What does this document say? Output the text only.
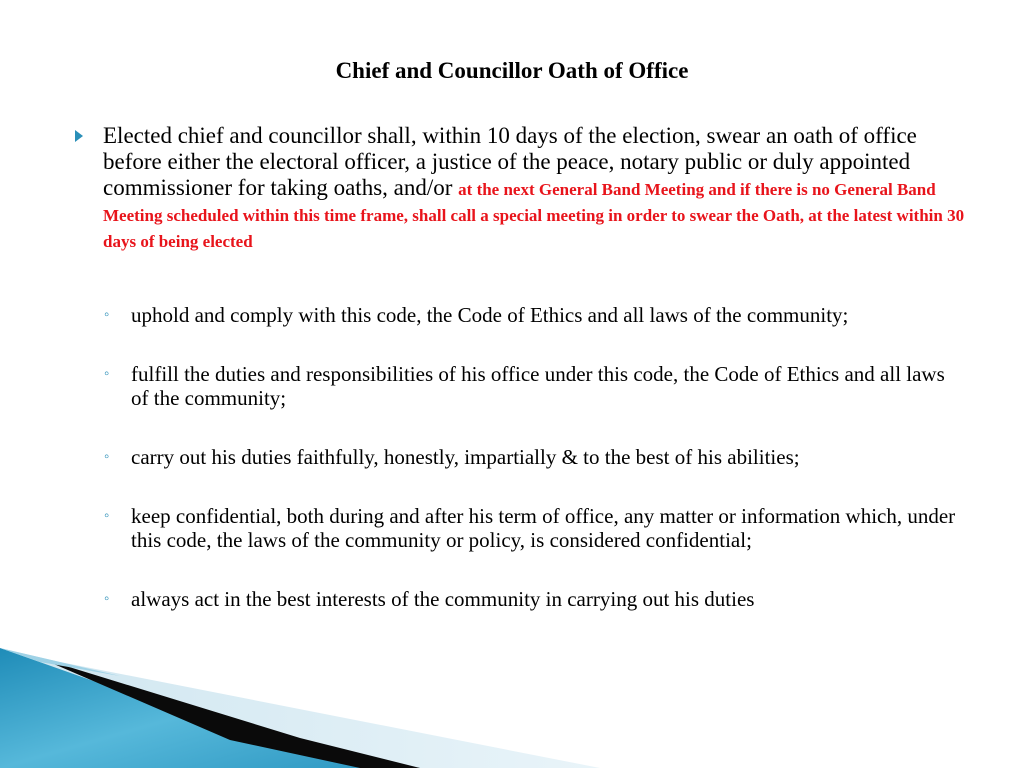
Chief and Councillor Oath of Office
Elected chief and councillor shall, within 10 days of the election, swear an oath of office before either the electoral officer, a justice of the peace, notary public or duly appointed commissioner for taking oaths, and/or at the next General Band Meeting and if there is no General Band Meeting scheduled within this time frame, shall call a special meeting in order to swear the Oath, at the latest within 30 days of being elected
◦ uphold and comply with this code, the Code of Ethics and all laws of the community;
◦ fulfill the duties and responsibilities of his office under this code, the Code of Ethics and all laws of the community;
◦ carry out his duties faithfully, honestly, impartially & to the best of his abilities;
◦ keep confidential, both during and after his term of office, any matter or information which, under this code, the laws of the community or policy, is considered confidential;
◦ always act in the best interests of the community in carrying out his duties
